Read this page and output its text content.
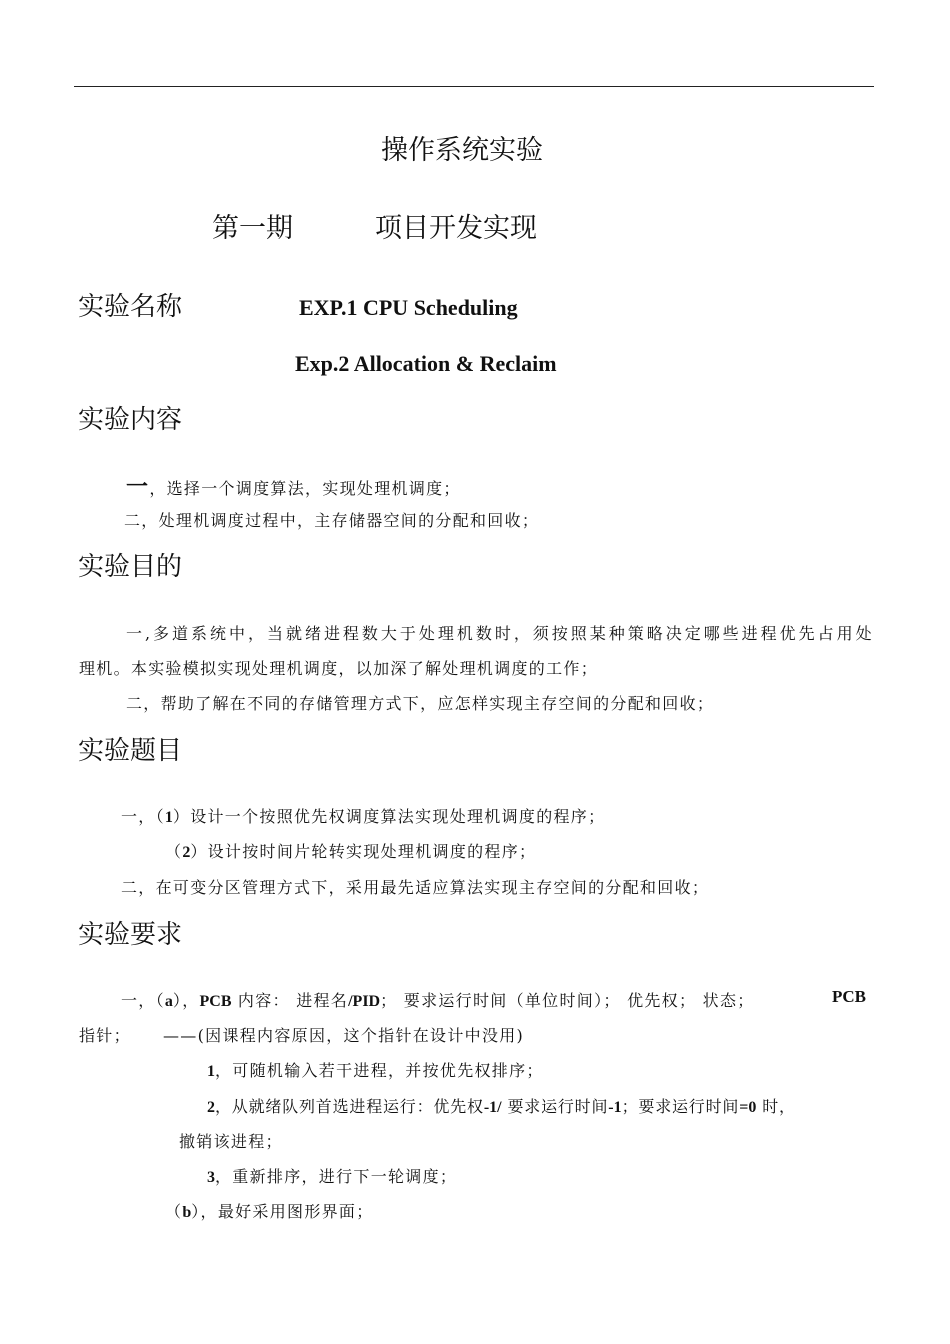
操作系统实验
第一期	项目开发实现
实验名称	EXP.1 CPU Scheduling
Exp.2 Allocation & Reclaim
实验内容
一，选择一个调度算法，实现处理机调度；
二，处理机调度过程中，主存储器空间的分配和回收；
实验目的
一,多道系统中，当就绪进程数大于处理机数时，须按照某种策略决定哪些进程优先占用处
理机。本实验模拟实现处理机调度，以加深了解处理机调度的工作；
二，帮助了解在不同的存储管理方式下，应怎样实现主存空间的分配和回收；
实验题目
一，（1）设计一个按照优先权调度算法实现处理机调度的程序；
（2）设计按时间片轮转实现处理机调度的程序；
二，在可变分区管理方式下，采用最先适应算法实现主存空间的分配和回收；
实验要求
一，（a），PCB 内容： 进程名/PID； 要求运行时间（单位时间）； 优先权； 状态；	PCB
指针； ——(因课程内容原因，这个指针在设计中没用)
1，可随机输入若干进程，并按优先权排序；
2，从就绪队列首选进程运行：优先权-1/ 要求运行时间-1；要求运行时间=0 时，
撤销该进程；
3，重新排序，进行下一轮调度；
（b），最好采用图形界面；
